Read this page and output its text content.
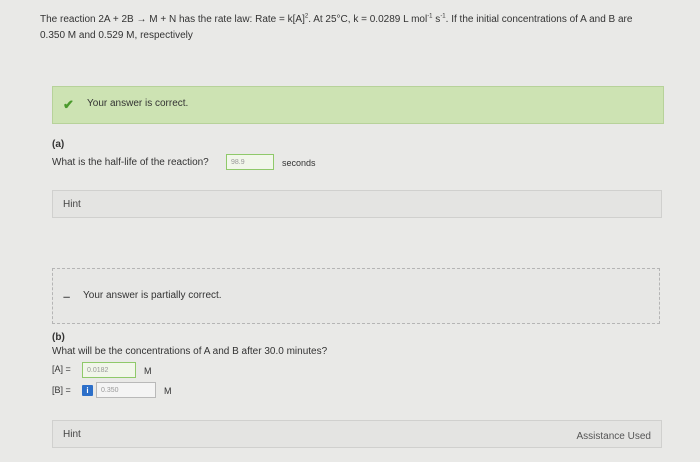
The reaction 2A + 2B → M + N has the rate law: Rate = $k[A]^2$. At 25°C, k = 0.0289 L mol$^{-1}$ $s^{-1}$. If the initial concentrations of A and B are
0.350 M and 0.529 M, respectively
✔ Your answer is correct.
(a)
What is the half-life of the reaction?	98.9	seconds
Hint
– Your answer is partially correct.
(b)
What will be the concentrations of A and B after 30.0 minutes?
[A] =	0.0182	M
[B] =	i	0.350	M
Hint	Assistance Used
